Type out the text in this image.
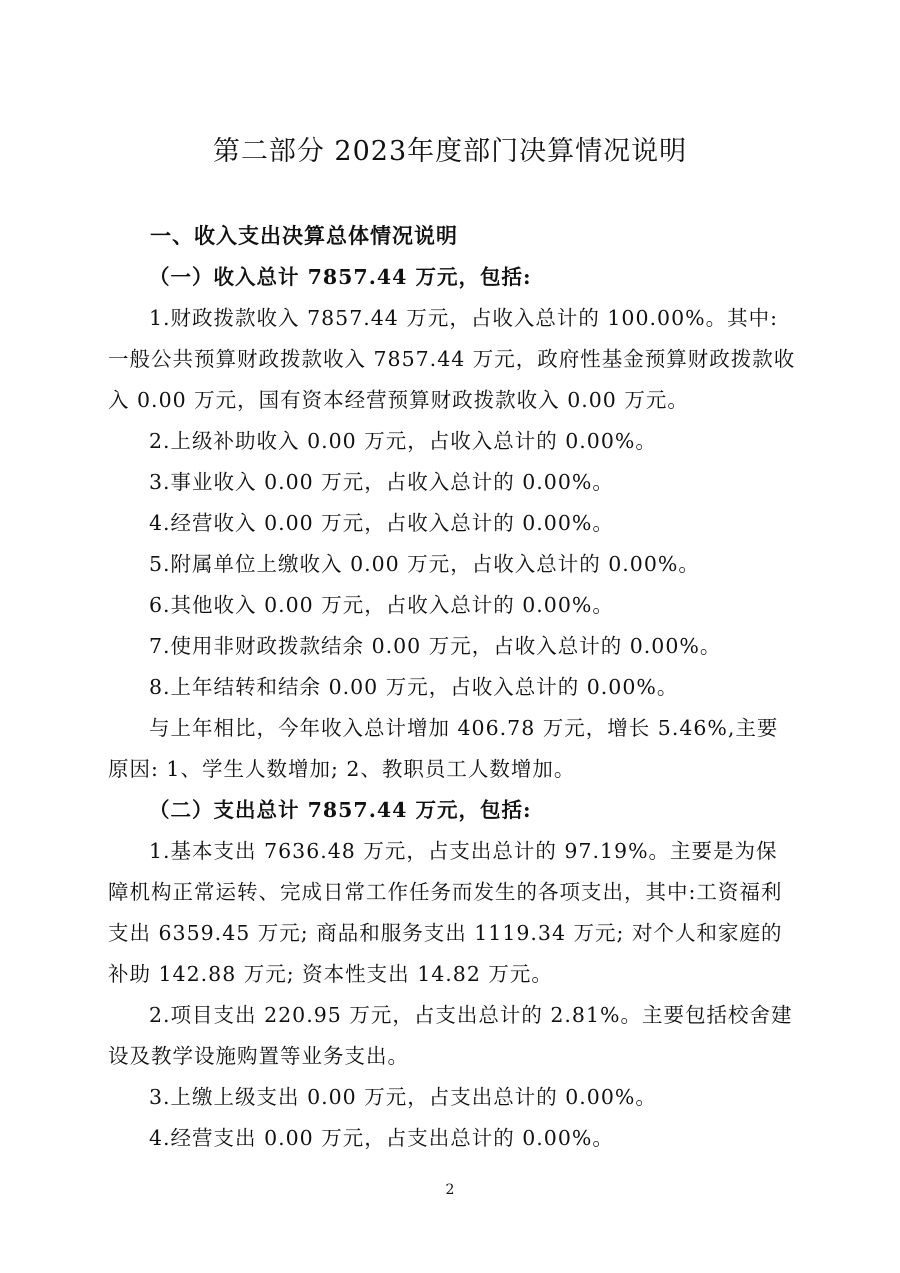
第二部分 2023年度部门决算情况说明

一、收入支出决算总体情况说明

（一）收入总计 7857.44 万元，包括:

1.财政拨款收入 7857.44 万元，占收入总计的 100.00%。其中:一般公共预算财政拨款收入 7857.44 万元，政府性基金预算财政拨款收入 0.00 万元，国有资本经营预算财政拨款收入 0.00 万元。

2.上级补助收入 0.00 万元，占收入总计的 0.00%。

3.事业收入 0.00 万元，占收入总计的 0.00%。

4.经营收入 0.00 万元，占收入总计的 0.00%。

5.附属单位上缴收入 0.00 万元，占收入总计的 0.00%。

6.其他收入 0.00 万元，占收入总计的 0.00%。

7.使用非财政拨款结余 0.00 万元，占收入总计的 0.00%。

8.上年结转和结余 0.00 万元，占收入总计的 0.00%。

与上年相比，今年收入总计增加 406.78 万元，增长 5.46%,主要原因: 1、学生人数增加; 2、教职员工人数增加。

（二）支出总计 7857.44 万元，包括:

1.基本支出 7636.48 万元，占支出总计的 97.19%。主要是为保障机构正常运转、完成日常工作任务而发生的各项支出，其中:工资福利支出 6359.45 万元; 商品和服务支出 1119.34 万元; 对个人和家庭的补助 142.88 万元; 资本性支出 14.82 万元。

2.项目支出 220.95 万元，占支出总计的 2.81%。主要包括校舍建设及教学设施购置等业务支出。

3.上缴上级支出 0.00 万元，占支出总计的 0.00%。

4.经营支出 0.00 万元，占支出总计的 0.00%。

2
